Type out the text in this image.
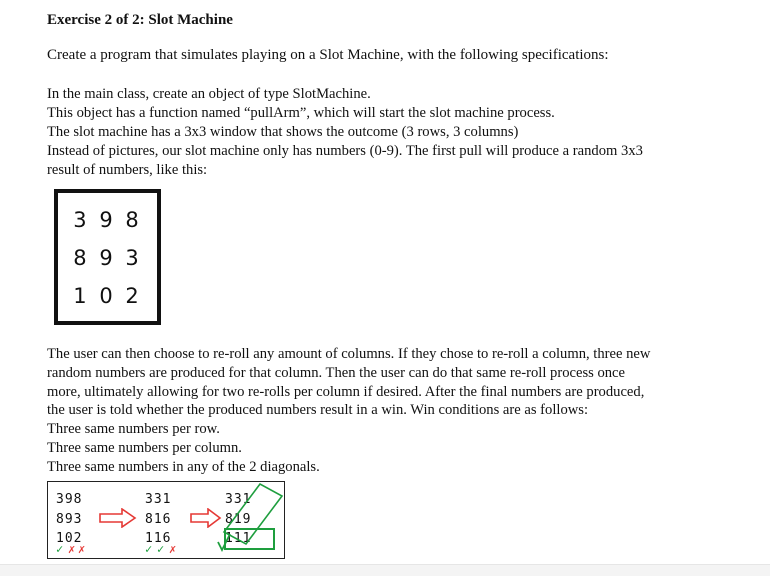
Exercise 2 of 2: Slot Machine
Create a program that simulates playing on a Slot Machine, with the following specifications:

In the main class, create an object of type SlotMachine.

This object has a function named “pullArm”, which will start the slot machine process.

The slot machine has a 3x3 window that shows the outcome (3 rows, 3 columns)

Instead of pictures, our slot machine only has numbers (0-9). The first pull will produce a random 3x3

result of numbers, like this:

3 9 8
8 9 3
1 0 2

The user can then choose to re-roll any amount of columns. If they chose to re-roll a column, three new

random numbers are produced for that column. Then the user can do that same re-roll process once

more, ultimately allowing for two re-rolls per column if desired. After the final numbers are produced,

the user is told whether the produced numbers result in a win. Win conditions are as follows:

Three same numbers per row.

Three same numbers per column.

Three same numbers in any of the 2 diagonals.

398
893
102
331
816
116
331
819
111
✓ ✗ ✗	✓ ✓ ✗
